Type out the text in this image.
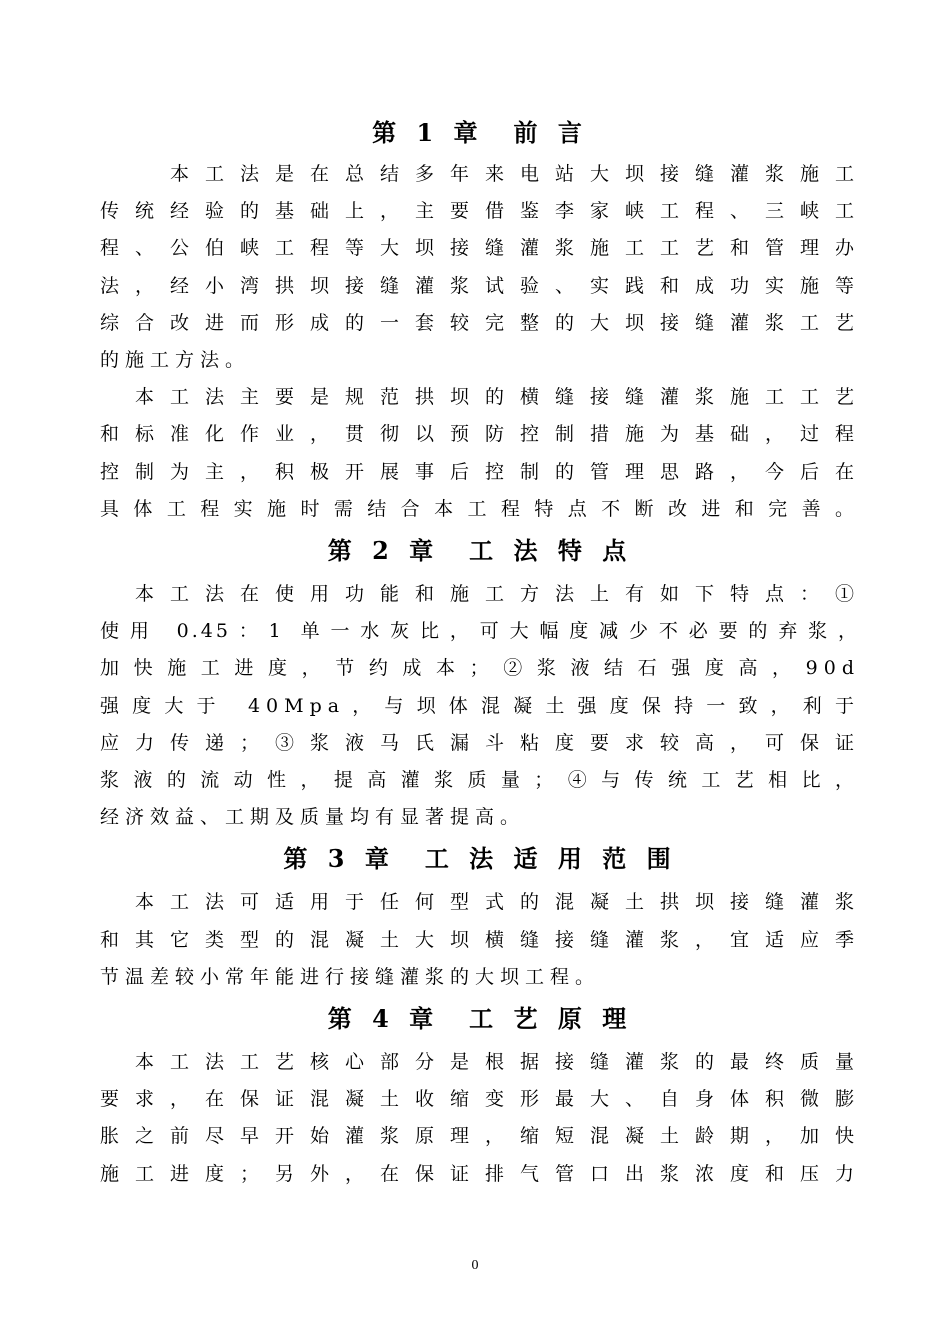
第 1 章　前 言
　　本工法是在总结多年来电站大坝接缝灌浆施工
传统经验的基础上，主要借鉴李家峡工程、三峡工
程、公伯峡工程等大坝接缝灌浆施工工艺和管理办
法，经小湾拱坝接缝灌浆试验、实践和成功实施等
综合改进而形成的一套较完整的大坝接缝灌浆工艺
的施工方法。
　本工法主要是规范拱坝的横缝接缝灌浆施工工艺
和标准化作业，贯彻以预防控制措施为基础，过程
控制为主，积极开展事后控制的管理思路，今后在
具体工程实施时需结合本工程特点不断改进和完善。
第 2 章　工 法 特 点
　本工法在使用功能和施工方法上有如下特点：①
使用 0.45：1 单一水灰比，可大幅度减少不必要的弃浆，
加快施工进度，节约成本；②浆液结石强度高，90d
强度大于 40Mpa，与坝体混凝土强度保持一致，利于
应力传递；③浆液马氏漏斗粘度要求较高，可保证
浆液的流动性，提高灌浆质量；④与传统工艺相比，
经济效益、工期及质量均有显著提高。
第 3 章　工 法 适 用 范 围
　本工法可适用于任何型式的混凝土拱坝接缝灌浆
和其它类型的混凝土大坝横缝接缝灌浆，宜适应季
节温差较小常年能进行接缝灌浆的大坝工程。
第 4 章　工 艺 原 理
　本工法工艺核心部分是根据接缝灌浆的最终质量
要求，在保证混凝土收缩变形最大、自身体积微膨
胀之前尽早开始灌浆原理，缩短混凝土龄期，加快
施工进度；另外，在保证排气管口出浆浓度和压力
0
